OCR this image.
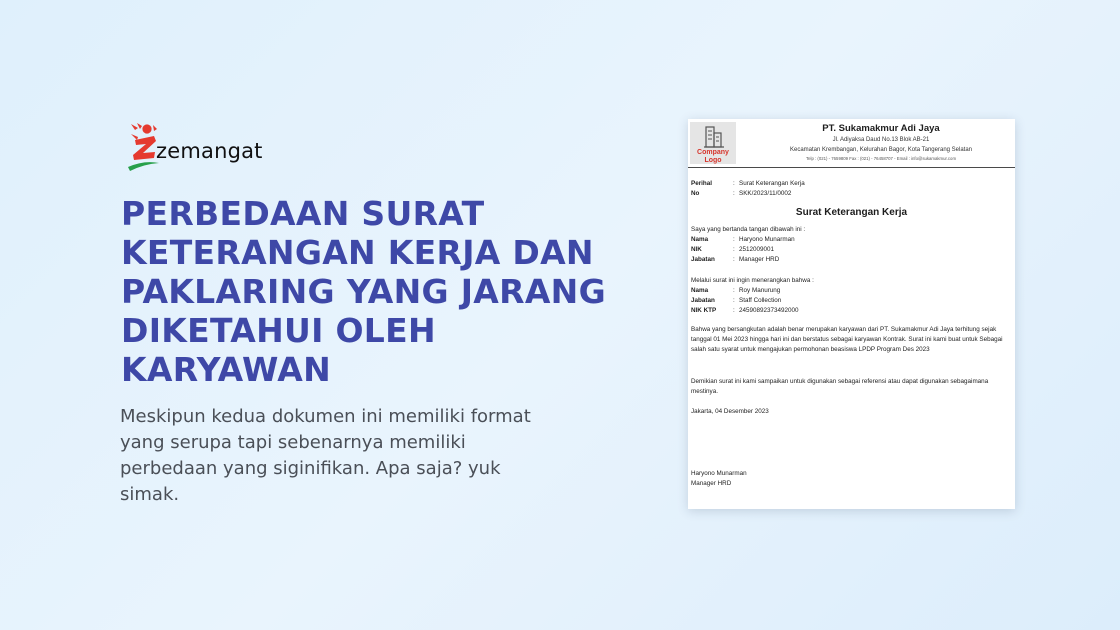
zemangat
PERBEDAAN SURAT KETERANGAN KERJA DAN PAKLARING YANG JARANG DIKETAHUI OLEH KARYAWAN

Meskipun kedua dokumen ini memiliki format yang serupa tapi sebenarnya memiliki perbedaan yang siginifikan. Apa saja? yuk simak.

Company Logo
PT. Sukamakmur Adi Jaya
Jl. Adiyaksa Daud No.13 Blok AB-21
Kecamatan Krembangan, Kelurahan Bagor, Kota Tangerang Selatan
Telp : (021) - 7659809 Fax : (021) - 76458707 - Email : info@sukamakmur.com
Perihal	: Surat Keterangan Kerja
No	: SKK/2023/11/0002
Surat Keterangan Kerja
Saya yang bertanda tangan dibawah ini :
Nama	: Haryono Munarman
NIK	: 2512009001
Jabatan	: Manager HRD
Melalui surat ini ingin menerangkan bahwa :
Nama	: Roy Manurung
Jabatan	: Staff Collection
NIK KTP	: 24590892373492000

Bahwa yang bersangkutan adalah benar merupakan karyawan dari PT. Sukamakmur Adi Jaya terhitung sejak tanggal 01 Mei 2023 hingga hari ini dan berstatus sebagai karyawan Kontrak. Surat ini kami buat untuk Sebagai salah satu syarat untuk mengajukan permohonan beasiswa LPDP Program Des 2023

Demikian surat ini kami sampaikan untuk digunakan sebagai referensi atau dapat digunakan sebagaimana mestinya.

Jakarta, 04 Desember 2023
Haryono Munarman
Manager HRD
